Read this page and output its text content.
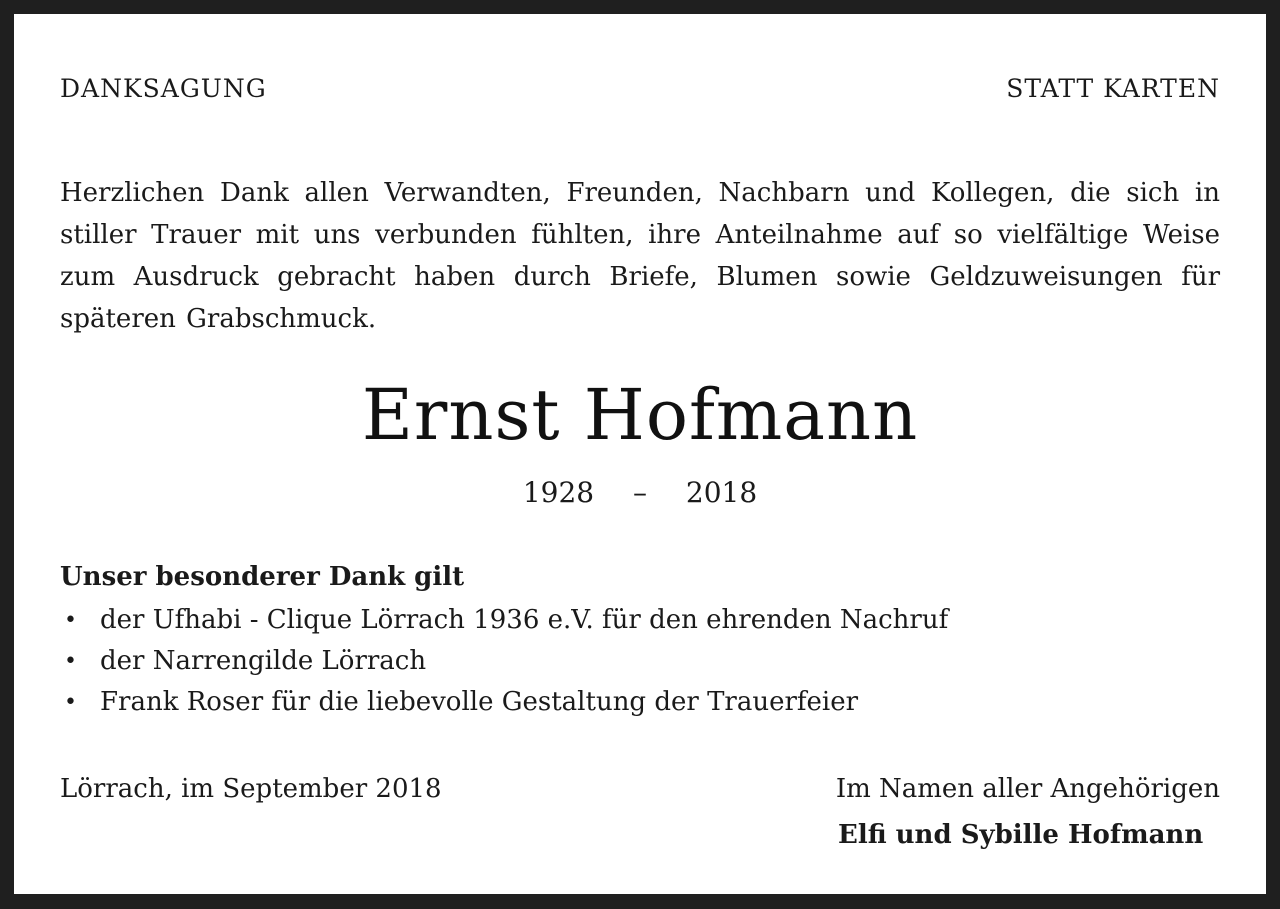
DANKSAGUNG	STATT KARTEN
Herzlichen Dank allen Verwandten, Freunden, Nachbarn und Kollegen, die sich in stiller Trauer mit uns verbunden fühlten, ihre Anteilnahme auf so vielfältige Weise zum Ausdruck gebracht haben durch Briefe, Blumen sowie Geldzuweisungen für späteren Grabschmuck.
Ernst Hofmann
1928 – 2018
Unser besonderer Dank gilt
• der Ufhabi - Clique Lörrach 1936 e.V. für den ehrenden Nachruf
• der Narrengilde Lörrach
• Frank Roser für die liebevolle Gestaltung der Trauerfeier
Lörrach, im September 2018	Im Namen aller Angehörigen
Elfi und Sybille Hofmann
